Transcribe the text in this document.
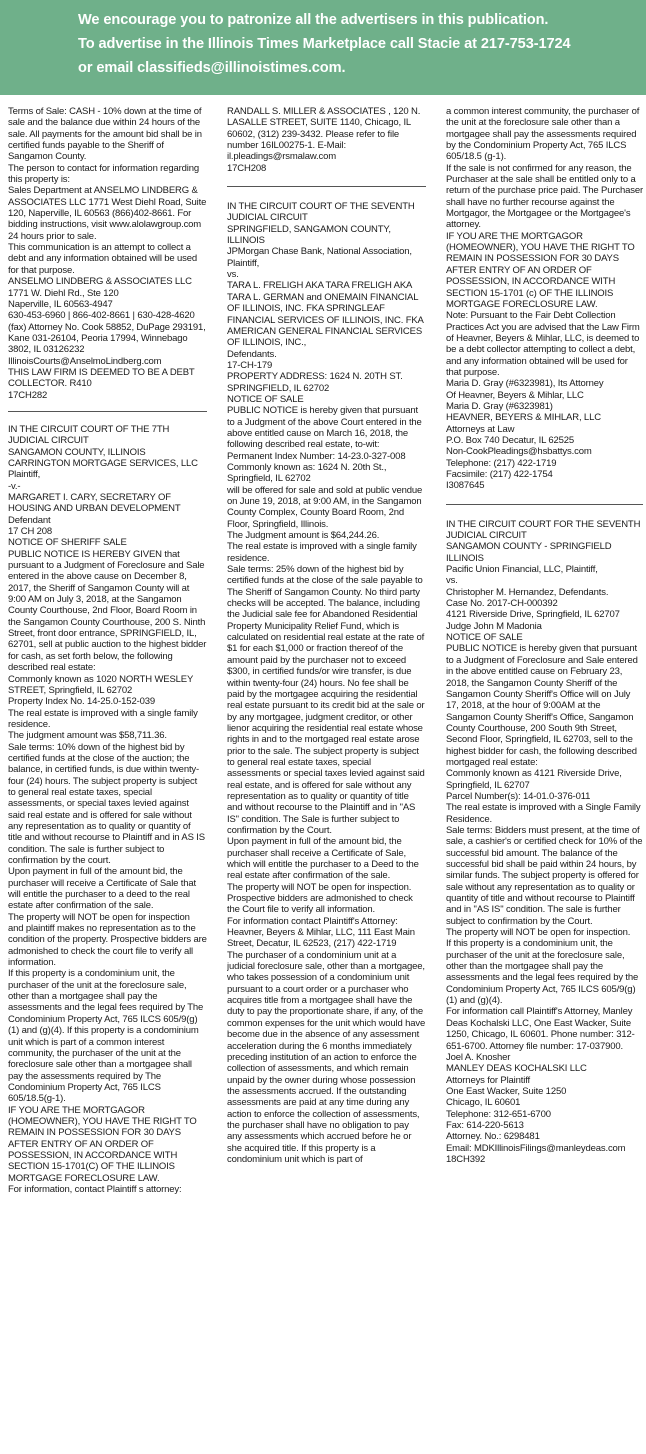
We encourage you to patronize all the advertisers in this publication.

To advertise in the Illinois Times Marketplace call Stacie at 217-753-1724

or email classifieds@illinoistimes.com.

Terms of Sale: CASH - 10% down at the time of sale and the balance due within 24 hours of the sale. All payments for the amount bid shall be in certified funds payable to the Sheriff of Sangamon County.

The person to contact for information regarding this property is:

Sales Department at ANSELMO LINDBERG & ASSOCIATES LLC 1771 West Diehl Road, Suite 120, Naperville, IL 60563 (866)402-8661. For bidding instructions, visit www.alolawgroup.com 24 hours prior to sale.

This communication is an attempt to collect a debt and any information obtained will be used for that purpose.

ANSELMO LINDBERG & ASSOCIATES LLC

1771 W. Diehl Rd., Ste 120

Naperville, IL 60563-4947

630-453-6960 | 866-402-8661 | 630-428-4620 (fax) Attorney No. Cook 58852, DuPage 293191, Kane 031-26104, Peoria 17994, Winnebago 3802, IL 03126232

IllinoisCourts@AnselmoLindberg.com

THIS LAW FIRM IS DEEMED TO BE A DEBT COLLECTOR. R410

17CH282

IN THE CIRCUIT COURT OF THE 7TH JUDICIAL CIRCUIT

SANGAMON COUNTY, ILLINOIS

CARRINGTON MORTGAGE SERVICES, LLC Plaintiff,

-v.-

MARGARET I. CARY, SECRETARY OF HOUSING AND URBAN DEVELOPMENT Defendant

17 CH 208

NOTICE OF SHERIFF SALE

PUBLIC NOTICE IS HEREBY GIVEN that pursuant to a Judgment of Foreclosure and Sale entered in the above cause on December 8, 2017, the Sheriff of Sangamon County will at 9:00 AM on July 3, 2018, at the Sangamon County Courthouse, 2nd Floor, Board Room in the Sangamon County Courthouse, 200 S. Ninth Street, front door entrance, SPRINGFIELD, IL, 62701, sell at public auction to the highest bidder for cash, as set forth below, the following described real estate:

Commonly known as 1020 NORTH WESLEY STREET, Springfield, IL 62702

Property Index No. 14-25.0-152-039

The real estate is improved with a single family residence.

The judgment amount was $58,711.36.

Sale terms: 10% down of the highest bid by certified funds at the close of the auction; the balance, in certified funds, is due within twenty-four (24) hours. The subject property is subject to general real estate taxes, special assessments, or special taxes levied against said real estate and is offered for sale without any representation as to quality or quantity of title and without recourse to Plaintiff and in AS IS condition. The sale is further subject to confirmation by the court.

Upon payment in full of the amount bid, the purchaser will receive a Certificate of Sale that will entitle the purchaser to a deed to the real estate after confirmation of the sale.

The property will NOT be open for inspection and plaintiff makes no representation as to the condition of the property. Prospective bidders are admonished to check the court file to verify all information.

If this property is a condominium unit, the purchaser of the unit at the foreclosure sale, other than a mortgagee shall pay the assessments and the legal fees required by The Condominium Property Act, 765 ILCS 605/9(g)(1) and (g)(4). If this property is a condominium unit which is part of a common interest community, the purchaser of the unit at the foreclosure sale other than a mortgagee shall pay the assessments required by The Condominium Property Act, 765 ILCS 605/18.5(g-1).

IF YOU ARE THE MORTGAGOR (HOMEOWNER), YOU HAVE THE RIGHT TO REMAIN IN POSSESSION FOR 30 DAYS AFTER ENTRY OF AN ORDER OF POSSESSION, IN ACCORDANCE WITH SECTION 15-1701(C) OF THE ILLINOIS MORTGAGE FORECLOSURE LAW.

For information, contact Plaintiff s attorney:

RANDALL S. MILLER & ASSOCIATES , 120 N. LASALLE STREET, SUITE 1140, Chicago, IL 60602, (312) 239-3432. Please refer to file number 16IL00275-1. E-Mail: il.pleadings@rsmalaw.com

17CH208

IN THE CIRCUIT COURT OF THE SEVENTH JUDICIAL CIRCUIT

SPRINGFIELD, SANGAMON COUNTY, ILLINOIS

JPMorgan Chase Bank, National Association, Plaintiff,

vs.

TARA L. FRELIGH AKA TARA FRELIGH AKA TARA L. GERMAN and ONEMAIN FINANCIAL OF ILLINOIS, INC. FKA SPRINGLEAF FINANCIAL SERVICES OF ILLINOIS, INC. FKA AMERICAN GENERAL FINANCIAL SERVICES OF ILLINOIS, INC.,

Defendants.

17-CH-179

PROPERTY ADDRESS: 1624 N. 20TH ST. SPRINGFIELD, IL 62702

NOTICE OF SALE

PUBLIC NOTICE is hereby given that pursuant to a Judgment of the above Court entered in the above entitled cause on March 16, 2018, the following described real estate, to-wit:

Permanent Index Number: 14-23.0-327-008

Commonly known as: 1624 N. 20th St., Springfield, IL 62702

will be offered for sale and sold at public vendue on June 19, 2018, at 9:00 AM, in the Sangamon County Complex, County Board Room, 2nd Floor, Springfield, Illinois.

The Judgment amount is $64,244.26.

The real estate is improved with a single family residence.

Sale terms: 25% down of the highest bid by certified funds at the close of the sale payable to The Sheriff of Sangamon County. No third party checks will be accepted. The balance, including the Judicial sale fee for Abandoned Residential Property Municipality Relief Fund, which is calculated on residential real estate at the rate of $1 for each $1,000 or fraction thereof of the amount paid by the purchaser not to exceed $300, in certified funds/or wire transfer, is due within twenty-four (24) hours. No fee shall be paid by the mortgagee acquiring the residential real estate pursuant to its credit bid at the sale or by any mortgagee, judgment creditor, or other lienor acquiring the residential real estate whose rights in and to the mortgaged real estate arose prior to the sale. The subject property is subject to general real estate taxes, special assessments or special taxes levied against said real estate, and is offered for sale without any representation as to quality or quantity of title and without recourse to the Plaintiff and in "AS IS" condition. The Sale is further subject to confirmation by the Court.

Upon payment in full of the amount bid, the purchaser shall receive a Certificate of Sale, which will entitle the purchaser to a Deed to the real estate after confirmation of the sale.

The property will NOT be open for inspection. Prospective bidders are admonished to check the Court file to verify all information.

For information contact Plaintiff's Attorney: Heavner, Beyers & Mihlar, LLC, 111 East Main Street, Decatur, IL 62523, (217) 422-1719

The purchaser of a condominium unit at a judicial foreclosure sale, other than a mortgagee, who takes possession of a condominium unit pursuant to a court order or a purchaser who acquires title from a mortgagee shall have the duty to pay the proportionate share, if any, of the common expenses for the unit which would have become due in the absence of any assessment acceleration during the 6 months immediately preceding institution of an action to enforce the collection of assessments, and which remain unpaid by the owner during whose possession the assessments accrued. If the outstanding assessments are paid at any time during any action to enforce the collection of assessments, the purchaser shall have no obligation to pay any assessments which accrued before he or she acquired title. If this property is a condominium unit which is part of

a common interest community, the purchaser of the unit at the foreclosure sale other than a mortgagee shall pay the assessments required by the Condominium Property Act, 765 ILCS 605/18.5 (g-1).

If the sale is not confirmed for any reason, the Purchaser at the sale shall be entitled only to a return of the purchase price paid. The Purchaser shall have no further recourse against the Mortgagor, the Mortgagee or the Mortgagee's attorney.

IF YOU ARE THE MORTGAGOR (HOMEOWNER), YOU HAVE THE RIGHT TO REMAIN IN POSSESSION FOR 30 DAYS AFTER ENTRY OF AN ORDER OF POSSESSION, IN ACCORDANCE WITH SECTION 15-1701 (c) OF THE ILLINOIS MORTGAGE FORECLOSURE LAW.

Note: Pursuant to the Fair Debt Collection Practices Act you are advised that the Law Firm of Heavner, Beyers & Mihlar, LLC, is deemed to be a debt collector attempting to collect a debt, and any information obtained will be used for that purpose.

Maria D. Gray (#6323981), Its Attorney

Of Heavner, Beyers & Mihlar, LLC

Maria D. Gray (#6323981)

HEAVNER, BEYERS & MIHLAR, LLC

Attorneys at Law

P.O. Box 740 Decatur, IL 62525

Non-CookPleadings@hsbattys.com

Telephone: (217) 422-1719

Facsimile: (217) 422-1754

I3087645

IN THE CIRCUIT COURT FOR THE SEVENTH JUDICIAL CIRCUIT

SANGAMON COUNTY - SPRINGFIELD ILLINOIS

Pacific Union Financial, LLC, Plaintiff,

vs.

Christopher M. Hernandez, Defendants.

Case No. 2017-CH-000392

4121 Riverside Drive, Springfield, IL 62707

Judge John M Madonia

NOTICE OF SALE

PUBLIC NOTICE is hereby given that pursuant to a Judgment of Foreclosure and Sale entered in the above entitled cause on February 23, 2018, the Sangamon County Sheriff of the Sangamon County Sheriff's Office will on July 17, 2018, at the hour of 9:00AM at the Sangamon County Sheriff's Office, Sangamon County Courthouse, 200 South 9th Street, Second Floor, Springfield, IL 62703, sell to the highest bidder for cash, the following described mortgaged real estate:

Commonly known as 4121 Riverside Drive, Springfield, IL 62707

Parcel Number(s): 14-01.0-376-011

The real estate is improved with a Single Family Residence.

Sale terms: Bidders must present, at the time of sale, a cashier's or certified check for 10% of the successful bid amount. The balance of the successful bid shall be paid within 24 hours, by similar funds. The subject property is offered for sale without any representation as to quality or quantity of title and without recourse to Plaintiff and in "AS IS" condition. The sale is further subject to confirmation by the Court.

The property will NOT be open for inspection.

If this property is a condominium unit, the purchaser of the unit at the foreclosure sale, other than the mortgagee shall pay the assessments and the legal fees required by the Condominium Property Act, 765 ILCS 605/9(g)(1) and (g)(4).

For information call Plaintiff's Attorney, Manley Deas Kochalski LLC, One East Wacker, Suite 1250, Chicago, IL 60601. Phone number: 312-651-6700. Attorney file number: 17-037900.

Joel A. Knosher

MANLEY DEAS KOCHALSKI LLC

Attorneys for Plaintiff

One East Wacker, Suite 1250

Chicago, IL 60601

Telephone: 312-651-6700

Fax: 614-220-5613

Attorney. No.: 6298481

Email: MDKIllinoisFilings@manleydeas.com

18CH392
